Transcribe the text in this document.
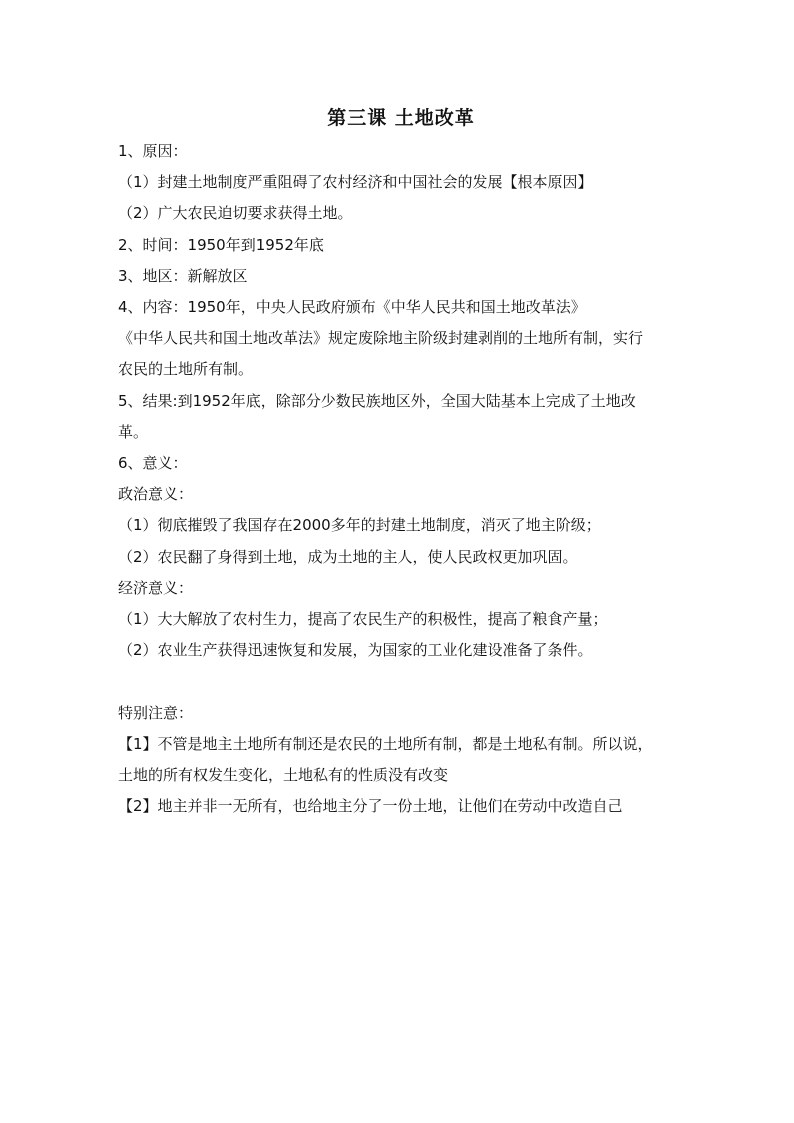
第三课 土地改革

1、原因：

（1）封建土地制度严重阻碍了农村经济和中国社会的发展【根本原因】

（2）广大农民迫切要求获得土地。

2、时间：1950年到1952年底

3、地区：新解放区

4、内容：1950年，中央人民政府颁布《中华人民共和国土地改革法》

《中华人民共和国土地改革法》规定废除地主阶级封建剥削的土地所有制，实行

农民的土地所有制。

5、结果:到1952年底，除部分少数民族地区外，全国大陆基本上完成了土地改

革。

6、意义：

政治意义：

（1）彻底摧毁了我国存在2000多年的封建土地制度，消灭了地主阶级；

（2）农民翻了身得到土地，成为土地的主人，使人民政权更加巩固。

经济意义：

（1）大大解放了农村生力，提高了农民生产的积极性，提高了粮食产量；

（2）农业生产获得迅速恢复和发展，为国家的工业化建设准备了条件。

特别注意：

【1】不管是地主土地所有制还是农民的土地所有制，都是土地私有制。所以说，

土地的所有权发生变化，土地私有的性质没有改变

【2】地主并非一无所有，也给地主分了一份土地，让他们在劳动中改造自己
